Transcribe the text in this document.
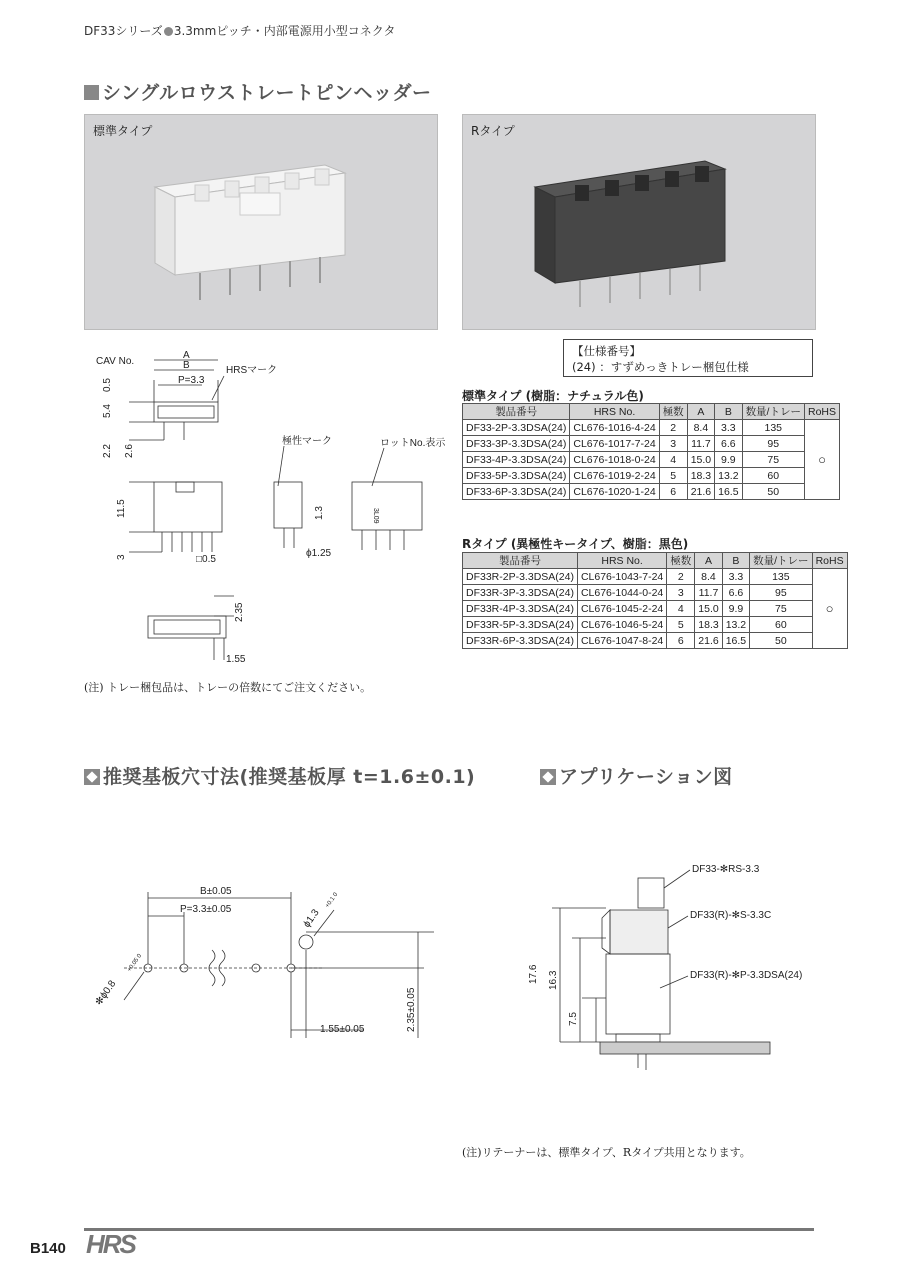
DF33シリーズ 3.3mmピッチ・内部電源用小型コネクタ
シングルロウストレートピンヘッダー
標準タイプ	Rタイプ
CAV No.
A
B
P=3.3
HRSマーク
0.5
5.4
2.2 2.6
極性マーク	ロットNo.表示
3L09
11.5	1.3
3	□0.5
ϕ1.25
2.35
1.55
【仕様番号】
(24) ：すずめっきトレー梱包仕様
標準タイプ (樹脂：ナチュラル色)
製品番号	HRS No.	極数	A	B	数量/トレー	RoHS
DF33-2P-3.3DSA(24)	CL676-1016-4-24	2	8.4	3.3	135	○
DF33-3P-3.3DSA(24)	CL676-1017-7-24	3	11.7	6.6	95	
DF33-4P-3.3DSA(24)	CL676-1018-0-24	4	15.0	9.9	75	
DF33-5P-3.3DSA(24)	CL676-1019-2-24	5	18.3	13.2	60	
DF33-6P-3.3DSA(24)	CL676-1020-1-24	6	21.6	16.5	50	
Rタイプ (異極性キータイプ、樹脂：黒色)
製品番号	HRS No.	極数	A	B	数量/トレー	RoHS
DF33R-2P-3.3DSA(24)	CL676-1043-7-24	2	8.4	3.3	135	○
DF33R-3P-3.3DSA(24)	CL676-1044-0-24	3	11.7	6.6	95	
DF33R-4P-3.3DSA(24)	CL676-1045-2-24	4	15.0	9.9	75	
DF33R-5P-3.3DSA(24)	CL676-1046-5-24	5	18.3	13.2	60	
DF33R-6P-3.3DSA(24)	CL676-1047-8-24	6	21.6	16.5	50	
(注) トレー梱包品は、トレーの倍数にてご注文ください。
推奨基板穴寸法(推奨基板厚 t=1.6±0.1)	アプリケーション図
B±0.05
P=3.3±0.05	ϕ1.3
+0.1 0
✻ϕ0.8
+0.05 0
1.55±0.05	2.35±0.05
DF33-✻RS-3.3
DF33(R)-✻S-3.3C
DF33(R)-✻P-3.3DSA(24)
17.6 16.3
7.5
(注)リテーナーは、標準タイプ、Rタイプ共用となります。
B140 HRS
